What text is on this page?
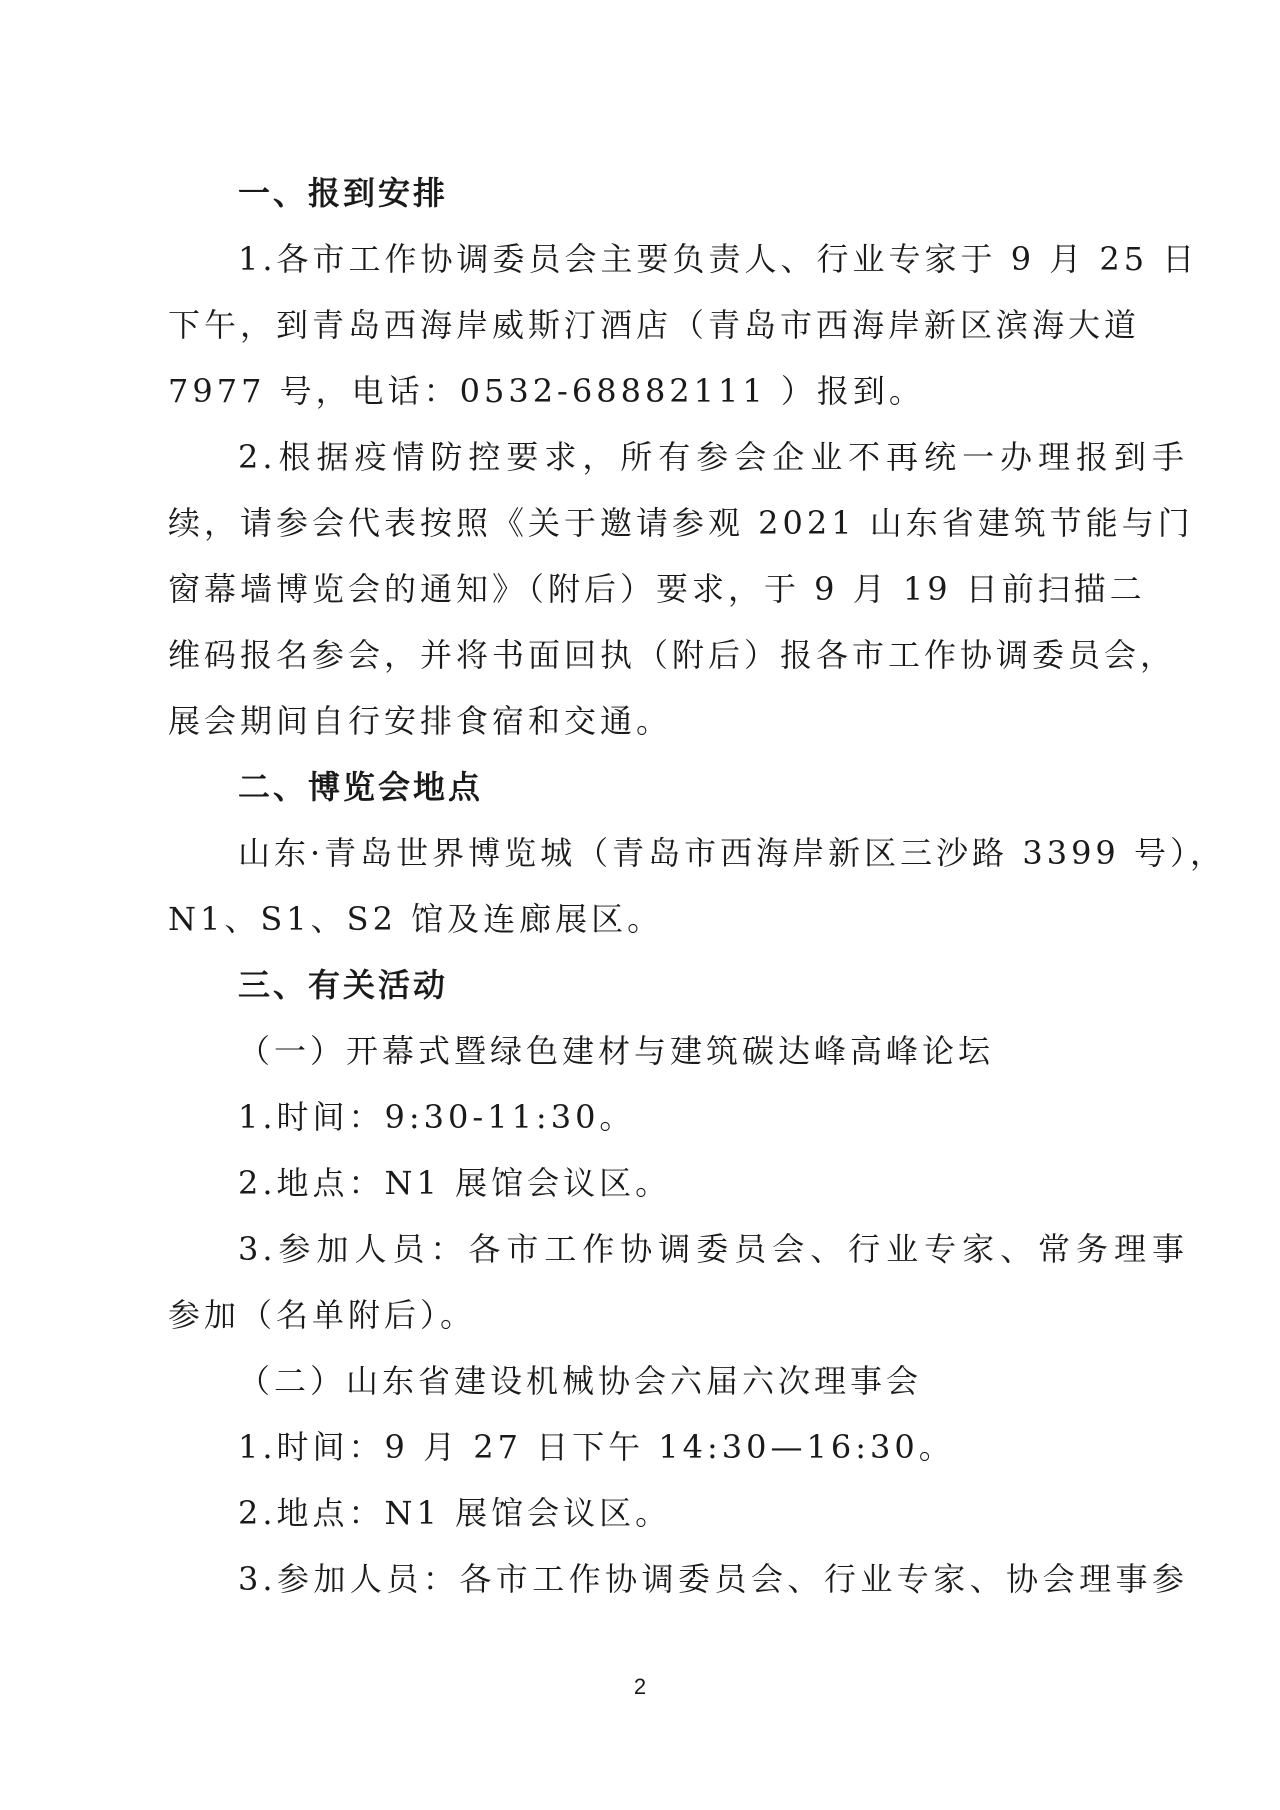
一、报到安排
1.各市工作协调委员会主要负责人、行业专家于 9 月 25 日
下午，到青岛西海岸威斯汀酒店（青岛市西海岸新区滨海大道
7977 号，电话：0532-68882111 ）报到。
2.根据疫情防控要求，所有参会企业不再统一办理报到手
续，请参会代表按照《关于邀请参观 2021 山东省建筑节能与门
窗幕墙博览会的通知》（附后）要求，于 9 月 19 日前扫描二
维码报名参会，并将书面回执（附后）报各市工作协调委员会，
展会期间自行安排食宿和交通。
二、博览会地点
山东·青岛世界博览城（青岛市西海岸新区三沙路 3399 号），
N1、S1、S2 馆及连廊展区。
三、有关活动
（一）开幕式暨绿色建材与建筑碳达峰高峰论坛
1.时间：9:30-11:30。
2.地点：N1 展馆会议区。
3.参加人员：各市工作协调委员会、行业专家、常务理事
参加（名单附后）。
（二）山东省建设机械协会六届六次理事会
1.时间：9 月 27 日下午 14:30—16:30。
2.地点：N1 展馆会议区。
3.参加人员：各市工作协调委员会、行业专家、协会理事参
2
